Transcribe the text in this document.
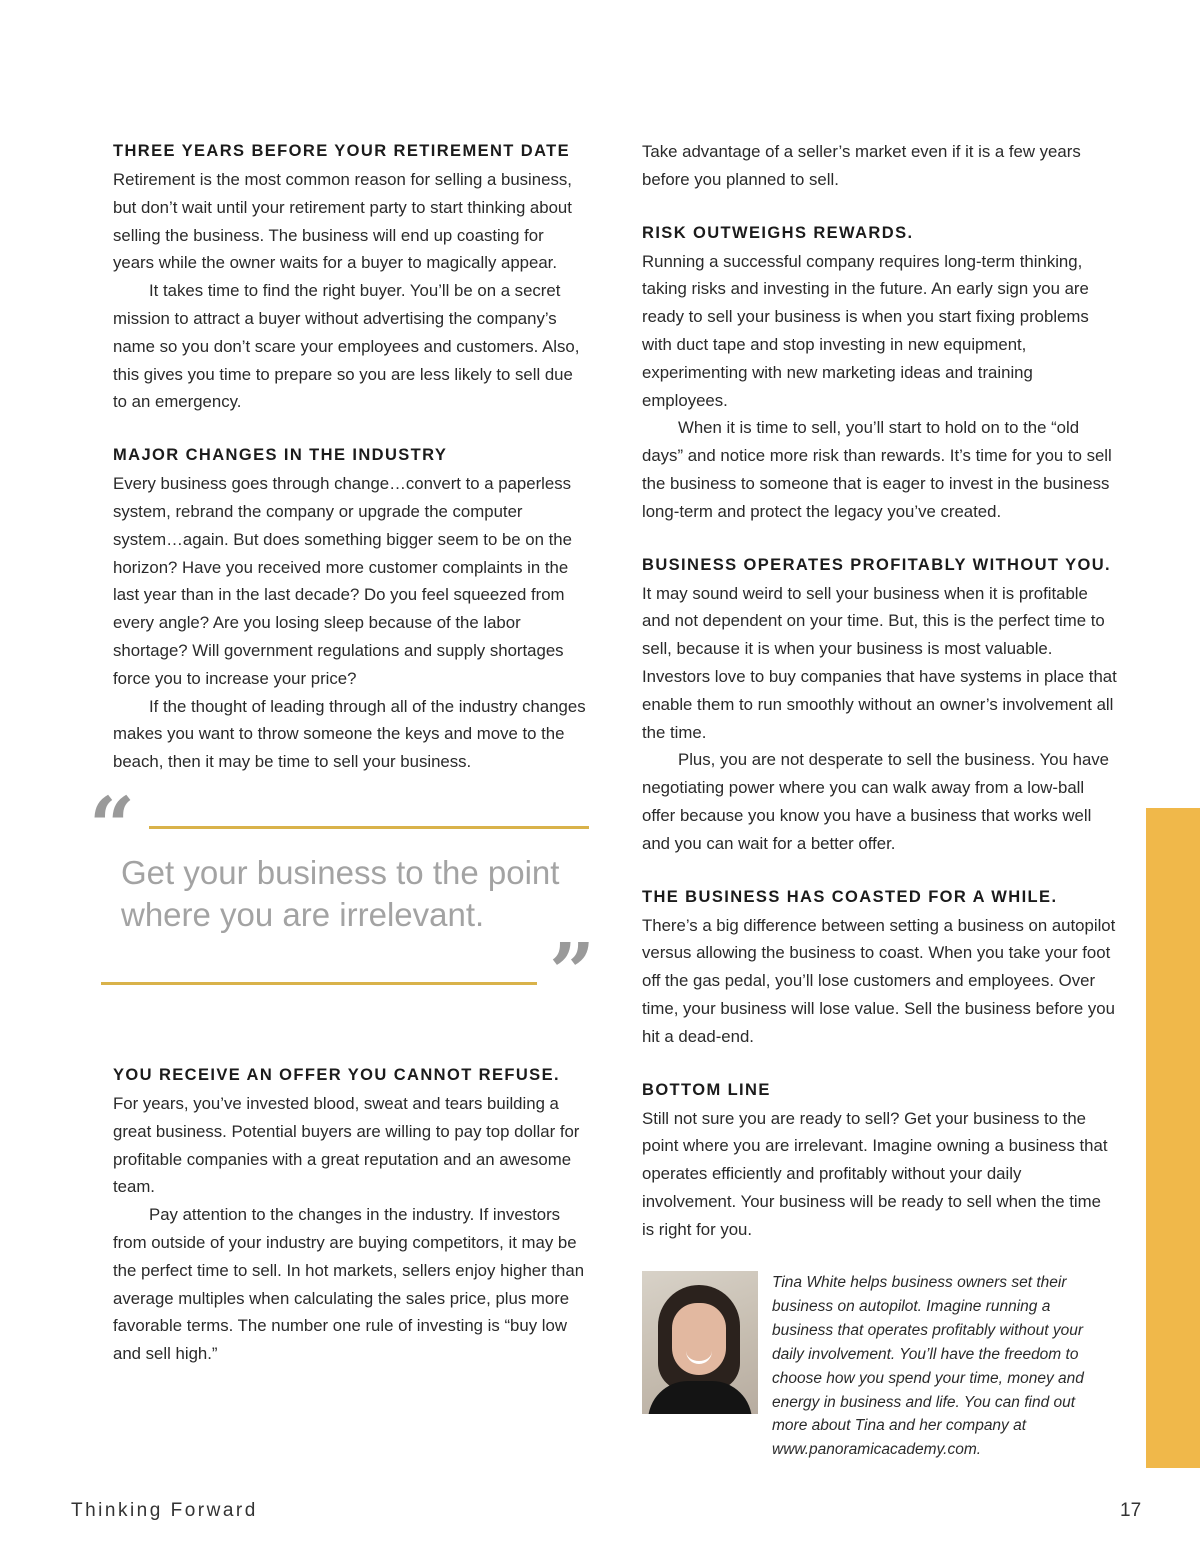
THREE YEARS BEFORE YOUR RETIREMENT DATE

Retirement is the most common reason for selling a business, but don’t wait until your retirement party to start thinking about selling the business. The business will end up coasting for years while the owner waits for a buyer to magically appear.

It takes time to find the right buyer. You’ll be on a secret mission to attract a buyer without advertising the company’s name so you don’t scare your employees and customers. Also, this gives you time to prepare so you are less likely to sell due to an emergency.

MAJOR CHANGES IN THE INDUSTRY

Every business goes through change…convert to a paperless system, rebrand the company or upgrade the computer system…again. But does something bigger seem to be on the horizon? Have you received more customer complaints in the last year than in the last decade? Do you feel squeezed from every angle? Are you losing sleep because of the labor shortage? Will government regulations and supply shortages force you to increase your price?

If the thought of leading through all of the industry changes makes you want to throw someone the keys and move to the beach, then it may be time to sell your business.

“
Get your business to the point where you are irrelevant.
”
YOU RECEIVE AN OFFER YOU CANNOT REFUSE.

For years, you’ve invested blood, sweat and tears building a great business. Potential buyers are willing to pay top dollar for profitable companies with a great reputation and an awesome team.

Pay attention to the changes in the industry. If investors from outside of your industry are buying competitors, it may be the perfect time to sell. In hot markets, sellers enjoy higher than average multiples when calculating the sales price, plus more favorable terms. The number one rule of investing is “buy low and sell high.”

Take advantage of a seller’s market even if it is a few years before you planned to sell.

RISK OUTWEIGHS REWARDS.

Running a successful company requires long-term thinking, taking risks and investing in the future. An early sign you are ready to sell your business is when you start fixing problems with duct tape and stop investing in new equipment, experimenting with new marketing ideas and training employees.

When it is time to sell, you’ll start to hold on to the “old days” and notice more risk than rewards. It’s time for you to sell the business to someone that is eager to invest in the business long-term and protect the legacy you’ve created.

BUSINESS OPERATES PROFITABLY WITHOUT YOU.

It may sound weird to sell your business when it is profitable and not dependent on your time. But, this is the perfect time to sell, because it is when your business is most valuable. Investors love to buy companies that have systems in place that enable them to run smoothly without an owner’s involvement all the time.

Plus, you are not desperate to sell the business. You have negotiating power where you can walk away from a low-ball offer because you know you have a business that works well and you can wait for a better offer.

THE BUSINESS HAS COASTED FOR A WHILE.

There’s a big difference between setting a business on autopilot versus allowing the business to coast. When you take your foot off the gas pedal, you’ll lose customers and employees. Over time, your business will lose value. Sell the business before you hit a dead-end.

BOTTOM LINE

Still not sure you are ready to sell? Get your business to the point where you are irrelevant. Imagine owning a business that operates efficiently and profitably without your daily involvement. Your business will be ready to sell when the time is right for you.

Tina White helps business owners set their business on autopilot. Imagine running a business that operates profitably without your daily involvement. You’ll have the freedom to choose how you spend your time, money and energy in business and life. You can find out more about Tina and her company at www.panoramicacademy.com.

Thinking Forward	17
